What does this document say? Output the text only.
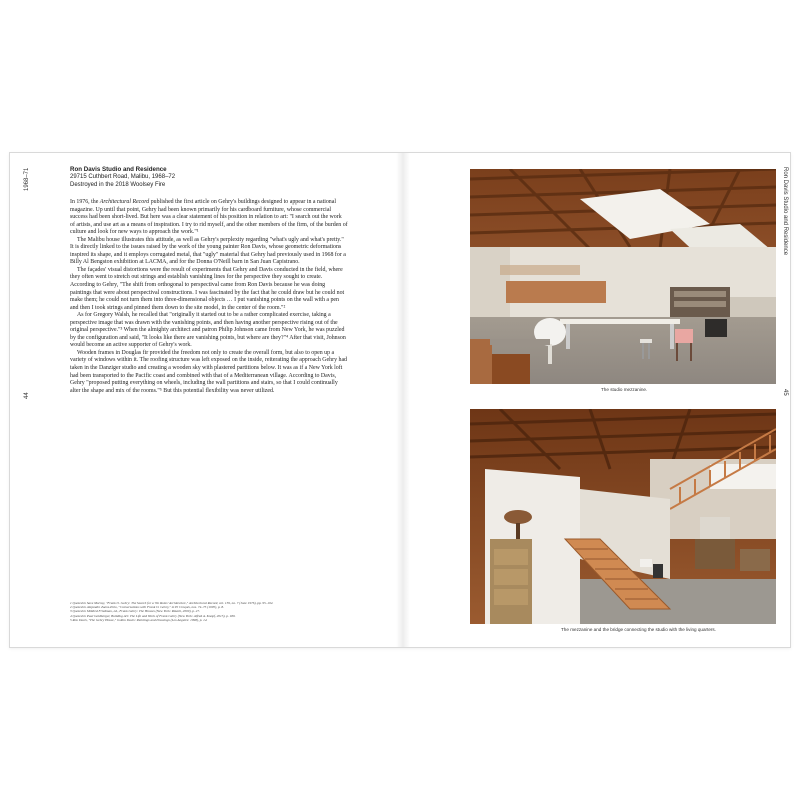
1968–71
44
Ron Davis Studio and Residence
29715 Cuthbert Road, Malibu, 1968–72
Destroyed in the 2018 Woolsey Fire

In 1976, the Architectural Record published the first article on Gehry's buildings designed to appear in a national magazine. Up until that point, Gehry had been known primarily for his cardboard furniture, whose commercial success had been short-lived. But here was a clear statement of his position in relation to art: "I search out the work of artists, and use art as a means of inspiration. I try to rid myself, and the other members of the firm, of the burden of culture and look for new ways to approach the work."¹

The Malibu house illustrates this attitude, as well as Gehry's perplexity regarding "what's ugly and what's pretty." It is directly linked to the issues raised by the work of the young painter Ron Davis, whose geometric deformations inspired its shape, and it employs corrugated metal, that "ugly" material that Gehry had previously used in 1968 for a Billy Al Bengston exhibition at LACMA, and for the Donna O'Neill barn in San Juan Capistrano.

The façades' visual distortions were the result of experiments that Gehry and Davis conducted in the field, where they often went to stretch out strings and establish vanishing lines for the perspective they sought to create. According to Gehry, "The shift from orthogonal to perspectival came from Ron Davis because he was doing paintings that were about perspectival constructions. I was fascinated by the fact that he could draw but he could not make them; he could not turn them into three-dimensional objects … I put vanishing points on the wall with a pen and then I took strings and pinned them down to the site model, in the center of the room."²

As for Gregory Walsh, he recalled that "originally it started out to be a rather complicated exercise, taking a perspective image that was drawn with the vanishing points, and then having another perspective rising out of the original perspective."³ When the almighty architect and patron Philip Johnson came from New York, he was puzzled by the configuration and said, "It looks like there are vanishing points, but where are they?"⁴ After that visit, Johnson would become an active supporter of Gehry's work.

Wooden frames in Douglas fir provided the freedom not only to create the overall form, but also to open up a variety of windows within it. The roofing structure was left exposed on the inside, reiterating the approach Gehry had taken in the Danziger studio and creating a wooden sky with plastered partitions below. It was as if a New York loft had been transported to the Pacific coast and combined with that of a Mediterranean village. According to Davis, Gehry "proposed putting everything on wheels, including the wall partitions and stairs, so that I could continually alter the shape and mix of the rooms."⁵ But this potential flexibility was never utilized.

1 Quoted in Sara Murray, "Frank O. Gehry: The Search for a 'No Rules' Architecture," Architectural Record, vol. 159, no. 7 (June 1976), pp. 95–102.
2 Quoted in Alejandro Zaera-Polo, "Conversations with Frank O. Gehry," in El Croquis, nos. 74–75 (1995), p. 8.
3 Quoted in Mildred Friedman, ed., Frank Gehry: The Houses (New York: Rizzoli, 2009), p. 27.
4 Quoted in Paul Goldberger, Building Art: The Life and Work of Frank Gehry (New York: Alfred A. Knopf, 2015), p. 180.
5 Ron Davis, "The Gehry House," in Ron Davis: Paintings and Drawings (Los Angeles: 1998), p. 14.
The studio mezzanine.
The mezzanine and the bridge connecting the studio with the living quarters.
Ron Davis Studio and Residence
45
